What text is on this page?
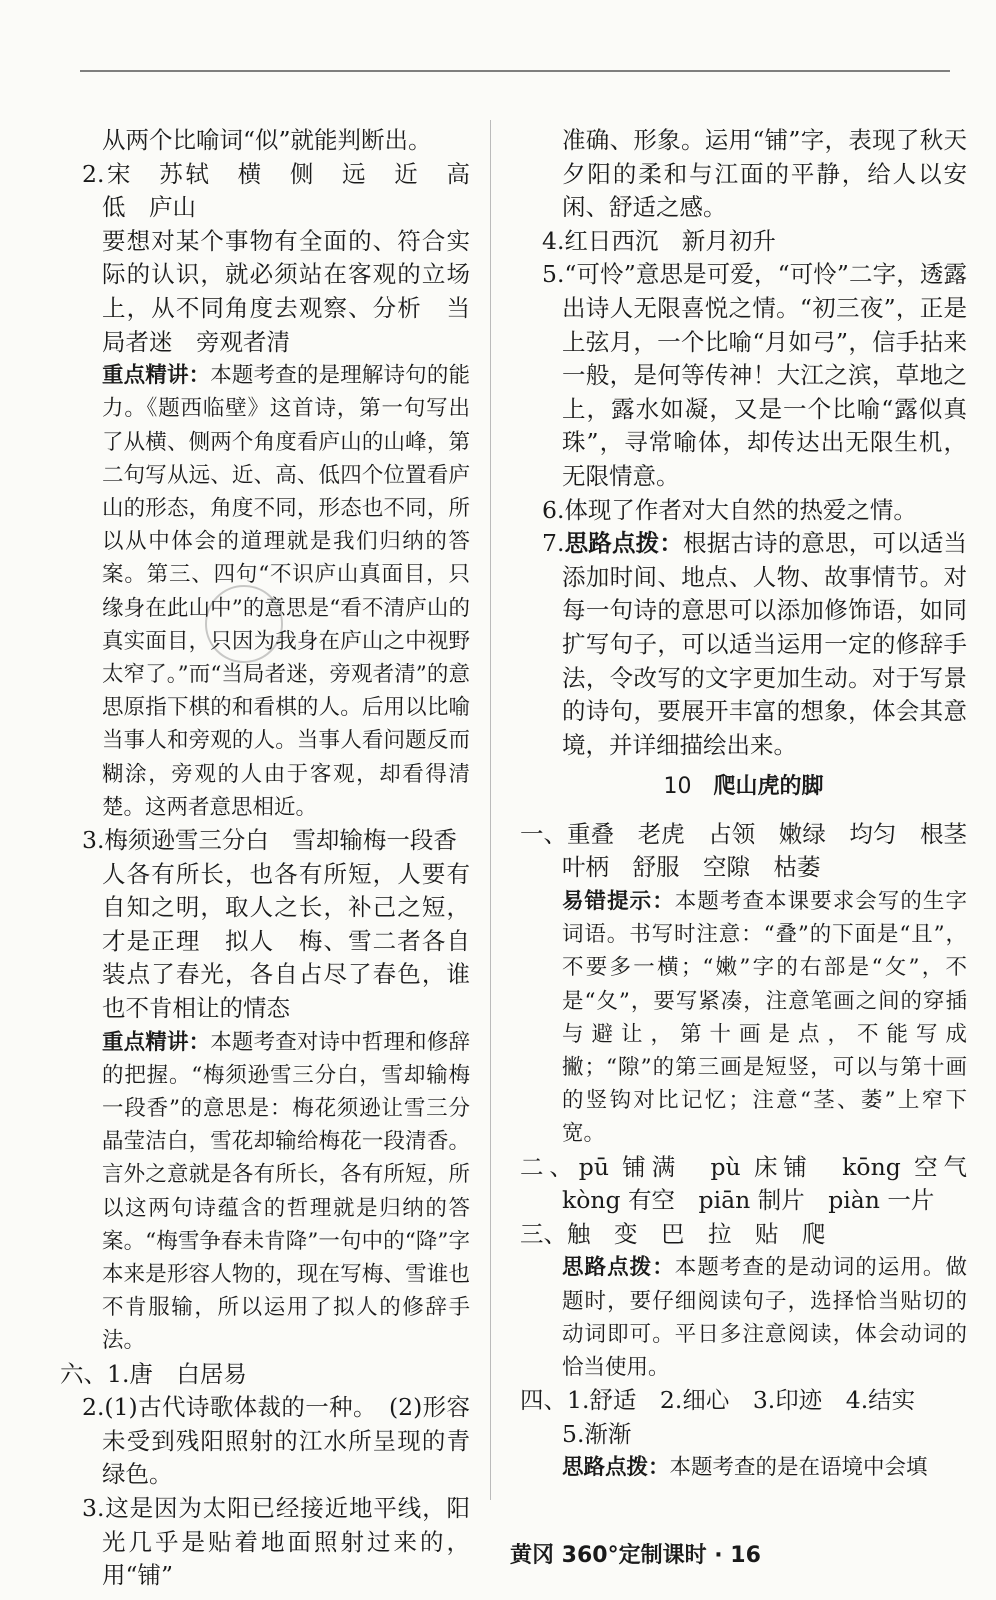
从两个比喻词“似”就能判断出。

2.宋　苏轼　横　侧　远　近　高　低　庐山

要想对某个事物有全面的、符合实际的认识，就必须站在客观的立场上，从不同角度去观察、分析　当局者迷　旁观者清

重点精讲：本题考查的是理解诗句的能力。《题西临壁》这首诗，第一句写出了从横、侧两个角度看庐山的山峰，第二句写从远、近、高、低四个位置看庐山的形态，角度不同，形态也不同，所以从中体会的道理就是我们归纳的答案。第三、四句“不识庐山真面目，只缘身在此山中”的意思是“看不清庐山的真实面目，只因为我身在庐山之中视野太窄了。”而“当局者迷，旁观者清”的意思原指下棋的和看棋的人。后用以比喻当事人和旁观的人。当事人看问题反而糊涂，旁观的人由于客观，却看得清楚。这两者意思相近。

3.梅须逊雪三分白　雪却输梅一段香

人各有所长，也各有所短，人要有自知之明，取人之长，补己之短，才是正理　拟人　梅、雪二者各自装点了春光，各自占尽了春色，谁也不肯相让的情态

重点精讲：本题考查对诗中哲理和修辞的把握。“梅须逊雪三分白，雪却输梅一段香”的意思是：梅花须逊让雪三分晶莹洁白，雪花却输给梅花一段清香。言外之意就是各有所长，各有所短，所以这两句诗蕴含的哲理就是归纳的答案。“梅雪争春未肯降”一句中的“降”字本来是形容人物的，现在写梅、雪谁也不肯服输，所以运用了拟人的修辞手法。

六、1.唐　白居易

2.(1)古代诗歌体裁的一种。　(2)形容未受到残阳照射的江水所呈现的青绿色。

3.这是因为太阳已经接近地平线，阳光几乎是贴着地面照射过来的，用“铺”

准确、形象。运用“铺”字，表现了秋天夕阳的柔和与江面的平静，给人以安闲、舒适之感。

4.红日西沉　新月初升

5.“可怜”意思是可爱，“可怜”二字，透露出诗人无限喜悦之情。“初三夜”，正是上弦月，一个比喻“月如弓”，信手拈来一般，是何等传神！大江之滨，草地之上，露水如凝，又是一个比喻“露似真珠”，寻常喻体，却传达出无限生机，无限情意。

6.体现了作者对大自然的热爱之情。

7.思路点拨：根据古诗的意思，可以适当添加时间、地点、人物、故事情节。对每一句诗的意思可以添加修饰语，如同扩写句子，可以适当运用一定的修辞手法，令改写的文字更加生动。对于写景的诗句，要展开丰富的想象，体会其意境，并详细描绘出来。

10 爬山虎的脚

一、重叠　老虎　占领　嫩绿　均匀　根茎　叶柄　舒服　空隙　枯萎

易错提示：本题考查本课要求会写的生字词语。书写时注意：“叠”的下面是“且”，不要多一横；“嫩”字的右部是“攵”，不是“夂”，要写紧凑，注意笔画之间的穿插与避让，第十画是点，不能写成撇；“隙”的第三画是短竖，可以与第十画的竖钩对比记忆；注意“茎、萎”上窄下宽。

二、pū 铺满　pù 床铺　kōng 空气　kòng 有空　piān 制片　piàn 一片

三、触　变　巴　拉　贴　爬

思路点拨：本题考查的是动词的运用。做题时，要仔细阅读句子，选择恰当贴切的动词即可。平日多注意阅读，体会动词的恰当使用。

四、1.舒适　2.细心　3.印迹　4.结实

5.渐渐

思路点拨：本题考查的是在语境中会填

黄冈 360°定制课时 · 16
